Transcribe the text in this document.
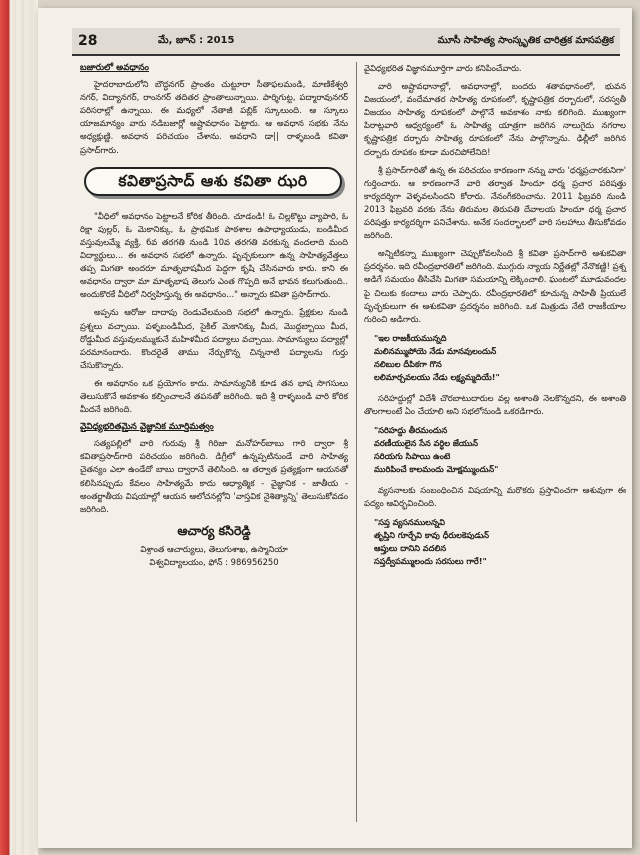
28	మే, జూన్ : 2015	మూసీ సాహిత్య సాంస్కృతిక చారిత్రక మాసపత్రిక
బజారులో అవధానం

హైదరాబాదులోని బౌద్ధనగర్ ప్రాంతం చుట్టూరా సీతాఫలమండి, మాణికేశ్వరి నగర్, విద్యానగర్, రాంనగర్ తదితర ప్రాంతాలున్నాయి. పార్శిగుట్ట, పద్మారావునగర్ పరిసరాల్లో ఉన్నాయి. ఈ మధ్యలో నేతాజీ పబ్లిక్ స్కూలుంది. ఆ స్కూలు యాజమాన్యం వారు నడిబజార్లో అష్టావధానం పెట్టారు. ఆ అవధాన సభకు నేను అధ్యక్షుణ్ణి. అవధాన పరిచయం చేశాను. అవధాని డా|| రాళ్ళబండి కవితా ప్రసాద్‌గారు.

కవితాప్రసాద్ ఆశు కవితా ఝరి

"వీధిలో అవధానం పెట్టాలనే కోరిక తీరింది. చూడండి! ఓ చిల్లకొట్టు వ్యాపారి, ఓ రిక్షా పుల్లర్, ఓ మెకానిక్కు, ఓ ప్రాథమిక పాఠశాల ఉపాధ్యాయుడు, బండిమీద వస్తువులమ్మే వ్యక్తి, 6వ తరగతి నుండి 10వ తరగతి వరకున్న వందలాది మంది విద్యార్థులు... ఈ అవధాన సభలో ఉన్నారు. పృచ్ఛకులుగా ఉన్న సాహిత్యవేత్తలు తప్ప మిగతా అందరూ మాతృభాషమీద పెద్దగా కృషి చేసినవారు కారు. కాని ఈ అవధానం ద్వారా మా మాతృభాష తెలుగు ఎంత గొప్పది అనే భావన కలుగుతుంది.. అందుకొరకే వీధిలో నిర్వహిస్తున్న ఈ అవధానం..." అన్నారు కవితా ప్రసాద్‌గారు.

అప్పను ఆరోజు దాదాపు రెండువేలమంది సభలో ఉన్నారు. ప్రేక్షకుల నుండి ప్రశ్నలు వచ్చాయి. పళ్ళబండిమీద, సైకిల్ మెకానిక్కు మీద, మొద్దబ్బాయి మీద, రోడ్డుమీద వస్తువులమ్ముకునే మహిళమీద పద్యాలు వచ్చాయి. సామాన్యులు పద్యాల్లో పరమానందారు. కొందరైతే తాము నేర్చుకొన్న చిన్ననాటి పద్యాలను గుర్తు చేసుకొన్నారు.

ఈ అవధానం ఒక ప్రయోగం కాదు. సామాన్యునికి కూడ తన భాష సొగసులు తెలుసుకొనే అవకాశం కల్పించాలనే తపనతో జరిగింది. ఇది శ్రీ రాళ్ళబండి వారి కోరిక మీదనే జరిగింది.

వైవిధ్యభరితమైన వైజ్ఞానిక మూర్తిమత్వం

సత్యపల్లిలో వారి గురువు శ్రీ గిరిజా మనోహర్‌బాబు గారి ద్వారా శ్రీ కవితాప్రసాద్‌గారి పరిచయం జరిగింది. డిగ్రీలో ఉన్నప్పటినుండే వారి సాహిత్య చైతన్యం ఎలా ఉండేదో బాబు ద్వారానే తెలిసింది. ఆ తర్వాత ప్రత్యక్షంగా ఆయనతో కలిసినప్పుడు కేవలం సాహిత్యమే కాదు ఆధ్యాత్మిక - వైజ్ఞానిక - జాతీయ - అంతర్జాతీయ విషయాల్లో ఆయన ఆలోచనల్లోని 'వాస్తవిక నైశిత్యాన్ని' తెలుసుకోవడం జరిగింది.

ఆచార్య కసిరెడ్డి
విశ్రాంత ఆచార్యులు, తెలుగుశాఖ, ఉస్మానియా
విశ్వవిద్యాలయం, ఫోన్ : 986956250

వైవిధ్యభరిత విజ్ఞానమూర్తిగా వారు కనిపించేవారు.

వారి అష్టావధానాల్లో, అవధానాల్లో, బందరు శతావధానంలో, భువన విజయంలో, వందేమాతర సాహిత్య రూపకంలో, కృష్ణాపత్రిక దర్బారులో, సరస్వతీ విజయం సాహిత్య రూపకంలో పాల్గొనే అవకాశం నాకు కలిగింది. ముఖ్యంగా పిరాట్లవారి ఆధ్వర్యంలో ఓ సాహిత్య యాత్రగా జరిగిన నాలుగైదు నగరాల కృష్ణాపత్రిక దర్బారు సాహిత్య రూపకంలో నేను పాల్గొన్నాను. ఢిల్లీలో జరిగిన దర్బారు రూపకం కూడా మరచిపోలేనిది!

శ్రీ ప్రసాద్‌గారితో ఉన్న ఈ పరిచయం కారణంగా నన్ను వారు 'ధర్మప్రచారకునిగా' గుర్తించారు. ఆ కారణంగానే వారి తర్వాత హిందూ ధర్మ ప్రచార పరిషత్తు కార్యదర్శిగా వెళ్ళవలసిందని కోరారు. నేనంగీకరించాను. 2011 ఫిబ్రవరి నుండి 2013 ఫిబ్రవరి వరకు నేను తిరుమల తిరుపతి దేవాలయ హిందూ ధర్మ ప్రచార పరిషత్తు కార్యదర్శిగా పనిచేశాను. అనేక సందర్భాలలో వారి సలహాలు తీసుకోవడం జరిగింది.

అన్నిటికన్నా ముఖ్యంగా చెప్పుకోవలసింది శ్రీ కవితా ప్రసాద్‌గారి ఆశుకవితా ప్రదర్శనం. ఇది రవీంద్రభారతిలో జరిగింది. ముగ్గురు న్యాయ నిర్ణేతల్లో నేనొకణ్ణి! ప్రశ్న అడిగే సమయం తీసివేసి మిగతా సమయాన్ని లెక్కించాలి. ఘంటలో మూడువందల పై చిలుకు కందాలు వారు చెప్పారు. రవీంద్రభారతిలో కూచున్న సాహితీ ప్రియులే పృచ్ఛకులుగా ఈ ఆశుకవితా ప్రదర్శనం జరిగింది. ఒక మిత్రుడు నేటి రాజకీయాల గురించి అడిగారు.

"ఇల రాజకీయమున్నది
మలినమ్ముపోయె నేడు మానవులందున్
నలిబుల దీపికగా గొన
లలిమార్చవలయు నేడు లక్ష్యమ్మదియే!"

సరిహద్దుల్లో విదేశీ చొరబాటుదారుల వల్ల అశాంతి నెలకొన్నదని, ఈ అశాంతి తొలగాలంటే ఏం చేయాలి అని సభలోనుండి ఒకరడిగారు.

"సరిహద్దు తీరమందున
వరణీయులైన సేన వర్ధిల జేయున్
సరియగు సిపాయి ఉంటె
మురిపించే కాలమందు మోక్షమ్ముందున్"

వ్యసనాలకు సంబంధించిన విషయాన్ని మరొకరు ప్రస్తావించగా ఆశువుగా ఈ పద్యం ఆవిర్భవించింది.

"సప్త వ్యసనములన్నవి
తృప్తిని గూర్చేవి కావు ధీరులకెపుడున్
ఆప్తులు దానిని వదలిన
సప్తద్వీపమ్ములందు సరసులు గారే!"
